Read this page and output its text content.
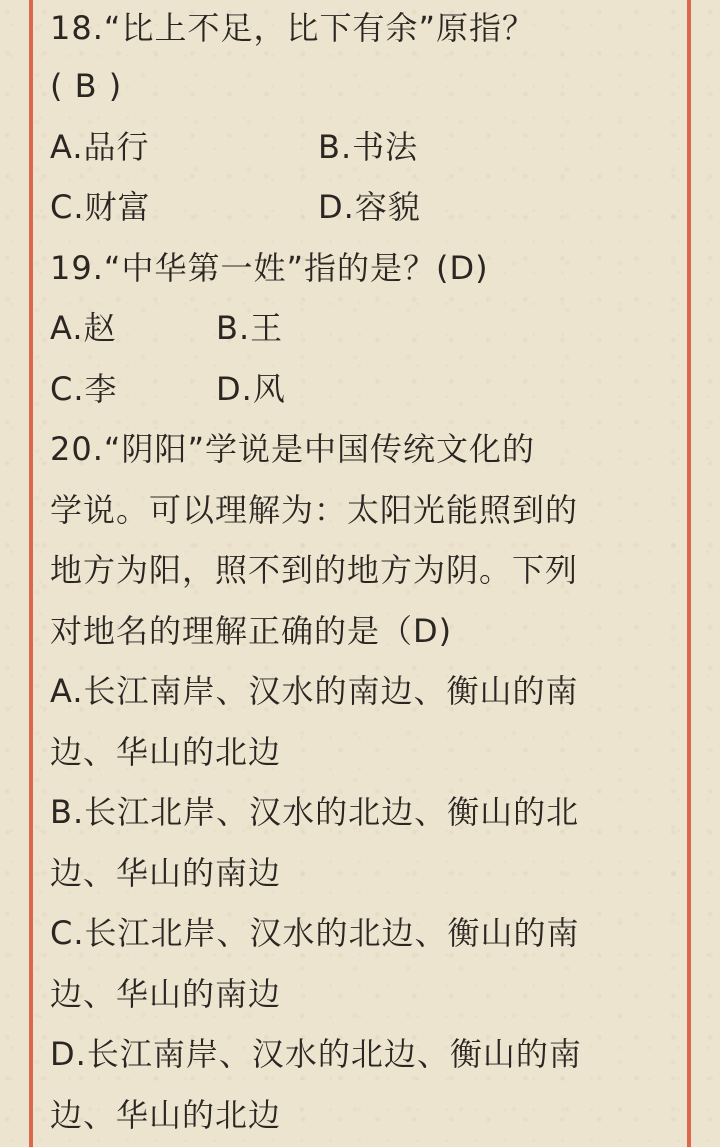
18.“比上不足，比下有余”原指？
( B )
A.品行	B.书法
C.财富	D.容貌
19.“中华第一姓”指的是？(D)
A.赵	B.王
C.李	D.风
20.“阴阳”学说是中国传统文化的
学说。可以理解为：太阳光能照到的
地方为阳，照不到的地方为阴。下列
对地名的理解正确的是（D)
A.长江南岸、汉水的南边、衡山的南
边、华山的北边
B.长江北岸、汉水的北边、衡山的北
边、华山的南边
C.长江北岸、汉水的北边、衡山的南
边、华山的南边
D.长江南岸、汉水的北边、衡山的南
边、华山的北边
